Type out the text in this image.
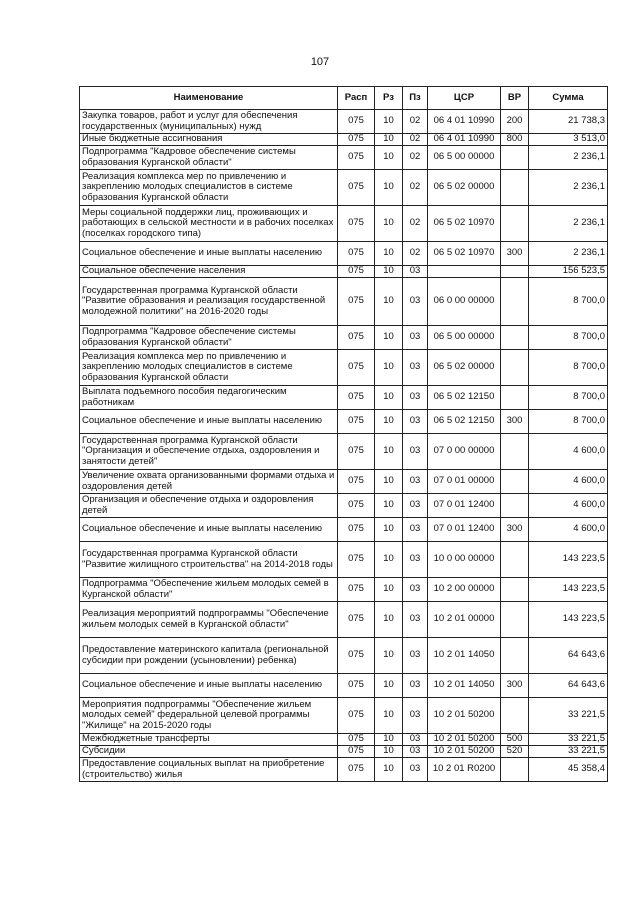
107
Наименование	Расп	Рз	Пз	ЦСР	ВР	Сумма
Закупка товаров, работ и услуг для обеспечения государственных (муниципальных) нужд	075	10	02	06 4 01 10990	200	21 738,3
Иные бюджетные ассигнования	075	10	02	06 4 01 10990	800	3 513,0
Подпрограмма "Кадровое обеспечение системы образования Курганской области"	075	10	02	06 5 00 00000		2 236,1
Реализация комплекса мер по привлечению и закреплению молодых специалистов в системе образования Курганской области	075	10	02	06 5 02 00000		2 236,1
Меры социальной поддержки лиц, проживающих и работающих в сельской местности и в рабочих поселках (поселках городского типа)	075	10	02	06 5 02 10970		2 236,1
Социальное обеспечение и иные выплаты населению	075	10	02	06 5 02 10970	300	2 236,1
Социальное обеспечение населения	075	10	03			156 523,5
Государственная программа Курганской области "Развитие образования и реализация государственной молодежной политики" на 2016-2020 годы	075	10	03	06 0 00 00000		8 700,0
Подпрограмма "Кадровое обеспечение системы образования Курганской области"	075	10	03	06 5 00 00000		8 700,0
Реализация комплекса мер по привлечению и закреплению молодых специалистов в системе образования Курганской области	075	10	03	06 5 02 00000		8 700,0
Выплата подъемного пособия педагогическим работникам	075	10	03	06 5 02 12150		8 700,0
Социальное обеспечение и иные выплаты населению	075	10	03	06 5 02 12150	300	8 700,0
Государственная программа Курганской области "Организация и обеспечение отдыха, оздоровления и занятости детей"	075	10	03	07 0 00 00000		4 600,0
Увеличение охвата организованными формами отдыха и оздоровления детей	075	10	03	07 0 01 00000		4 600,0
Организация и обеспечение отдыха и оздоровления детей	075	10	03	07 0 01 12400		4 600,0
Социальное обеспечение и иные выплаты населению	075	10	03	07 0 01 12400	300	4 600,0
Государственная программа Курганской области "Развитие жилищного строительства" на 2014-2018 годы	075	10	03	10 0 00 00000		143 223,5
Подпрограмма "Обеспечение жильем молодых семей в Курганской области"	075	10	03	10 2 00 00000		143 223,5
Реализация мероприятий подпрограммы "Обеспечение жильем молодых семей в Курганской области"	075	10	03	10 2 01 00000		143 223,5
Предоставление материнского капитала (региональной субсидии при рождении (усыновлении) ребенка)	075	10	03	10 2 01 14050		64 643,6
Социальное обеспечение и иные выплаты населению	075	10	03	10 2 01 14050	300	64 643,6
Мероприятия подпрограммы "Обеспечение жильем молодых семей" федеральной целевой программы "Жилище" на 2015-2020 годы	075	10	03	10 2 01 50200		33 221,5
Межбюджетные трансферты	075	10	03	10 2 01 50200	500	33 221,5
Субсидии	075	10	03	10 2 01 50200	520	33 221,5
Предоставление социальных выплат на приобретение (строительство) жилья	075	10	03	10 2 01 R0200		45 358,4
